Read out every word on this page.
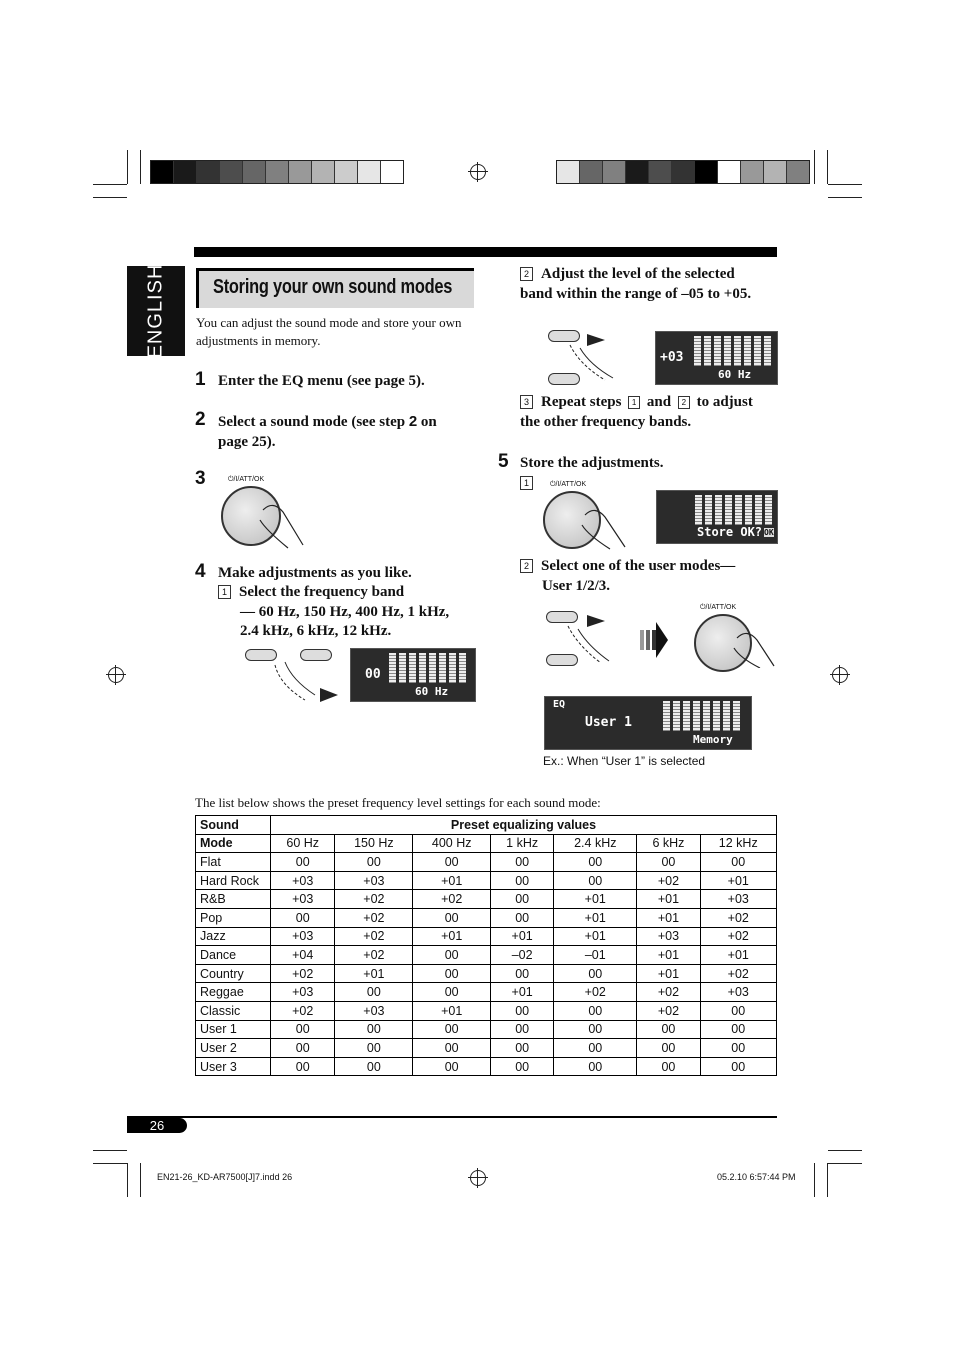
ENGLISH Storing your own sound modes
You can adjust the sound mode and store your own adjustments in memory.
1 Enter the EQ menu (see page 5).
2 Select a sound mode (see step 2 on page 25).
3	⏻/I/ATT/OK
4 Make adjustments as you like.
1 Select the frequency band
— 60 Hz, 150 Hz, 400 Hz, 1 kHz,
2.4 kHz, 6 kHz, 12 kHz.
00
60 Hz
2 Adjust the level of the selected band within the range of –05 to +05.
+03
60 Hz
3 Repeat steps 1 and 2 to adjust the other frequency bands.
5 Store the adjustments.
1	⏻/I/ATT/OK
Store OK? OK
2 Select one of the user modes—
User 1/2/3.
⏻/I/ATT/OK
EQ
User 1
Memory
Ex.: When “User 1” is selected
The list below shows the preset frequency level settings for each sound mode:
Sound	Preset equalizing values						
Mode	60 Hz	150 Hz	400 Hz	1 kHz	2.4 kHz	6 kHz	12 kHz
Flat	00	00	00	00	00	00	00
Hard Rock	+03	+03	+01	00	00	+02	+01
R&B	+03	+02	+02	00	+01	+01	+03
Pop	00	+02	00	00	+01	+01	+02
Jazz	+03	+02	+01	+01	+01	+03	+02
Dance	+04	+02	00	–02	–01	+01	+01
Country	+02	+01	00	00	00	+01	+02
Reggae	+03	00	00	+01	+02	+02	+03
Classic	+02	+03	+01	00	00	+02	00
User 1	00	00	00	00	00	00	00
User 2	00	00	00	00	00	00	00
User 3	00	00	00	00	00	00	00
26
EN21-26_KD-AR7500[J]7.indd 26	05.2.10 6:57:44 PM
